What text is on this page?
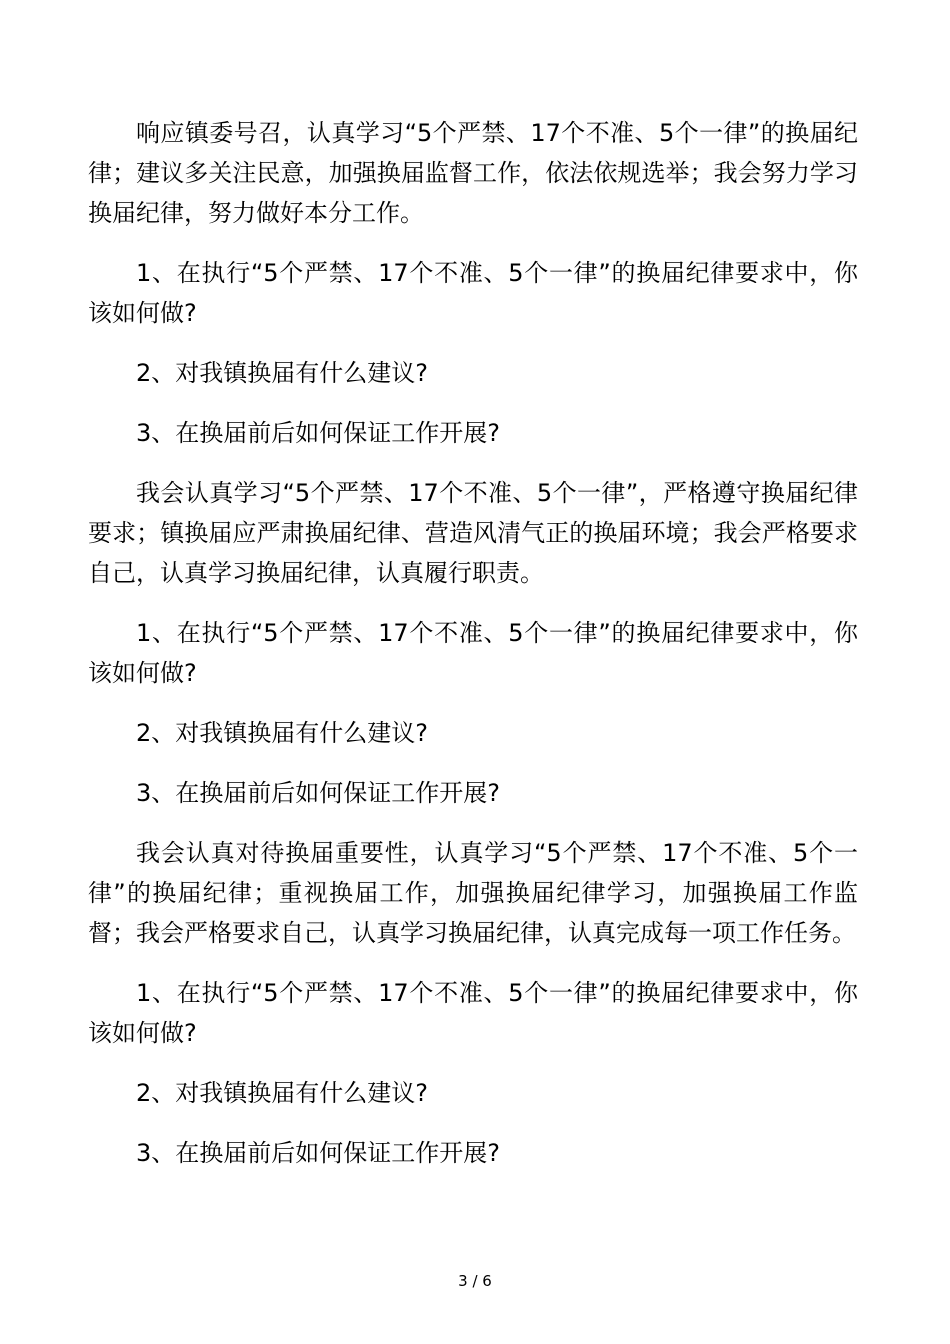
响应镇委号召，认真学习“5个严禁、17个不准、5个一律”的换届纪律；建议多关注民意，加强换届监督工作，依法依规选举；我会努力学习换届纪律，努力做好本分工作。

1、在执行“5个严禁、17个不准、5个一律”的换届纪律要求中，你该如何做?

2、对我镇换届有什么建议?

3、在换届前后如何保证工作开展?

我会认真学习“5个严禁、17个不准、5个一律”，严格遵守换届纪律要求；镇换届应严肃换届纪律、营造风清气正的换届环境；我会严格要求自己，认真学习换届纪律，认真履行职责。

1、在执行“5个严禁、17个不准、5个一律”的换届纪律要求中，你该如何做?

2、对我镇换届有什么建议?

3、在换届前后如何保证工作开展?

我会认真对待换届重要性，认真学习“5个严禁、17个不准、5个一律”的换届纪律；重视换届工作，加强换届纪律学习，加强换届工作监督；我会严格要求自己，认真学习换届纪律，认真完成每一项工作任务。

1、在执行“5个严禁、17个不准、5个一律”的换届纪律要求中，你该如何做?

2、对我镇换届有什么建议?

3、在换届前后如何保证工作开展?

3 / 6
